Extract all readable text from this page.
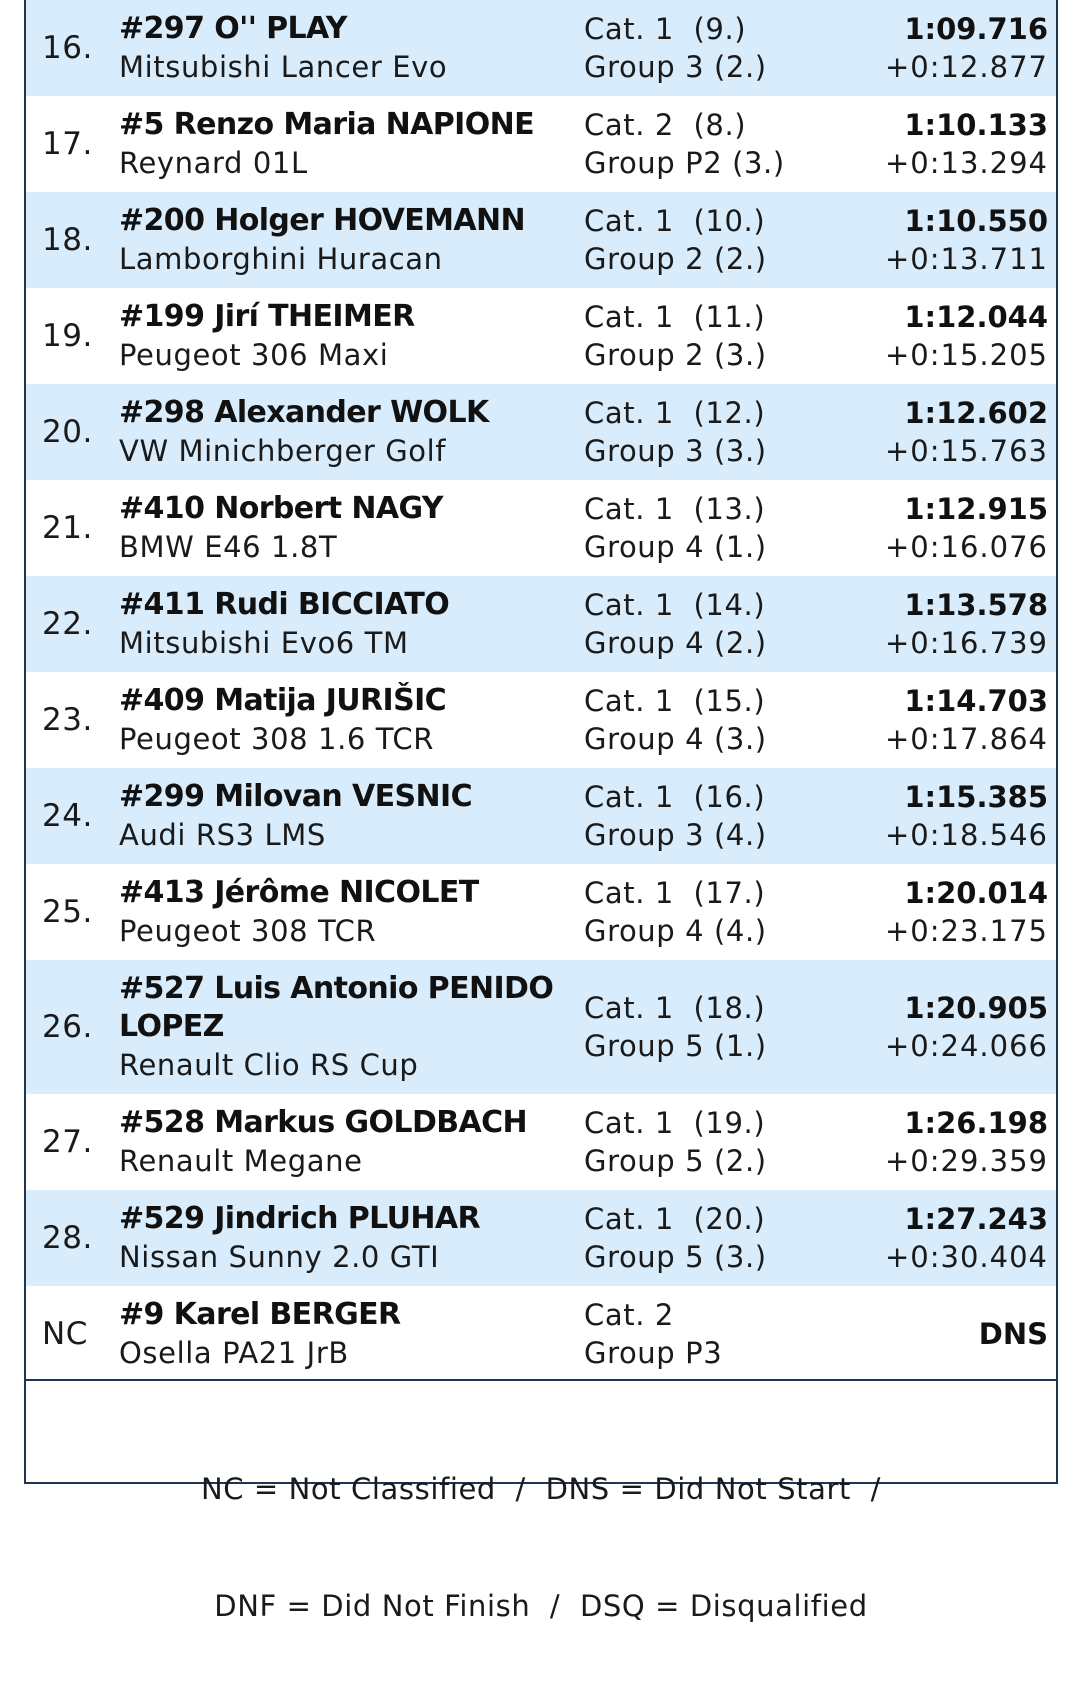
16.
#297 O'' PLAY
Mitsubishi Lancer Evo
Cat. 1  (9.)
Group 3 (2.)
1:09.716
+0:12.877
17.
#5 Renzo Maria NAPIONE
Reynard 01L
Cat. 2  (8.)
Group P2 (3.)
1:10.133
+0:13.294
18.
#200 Holger HOVEMANN
Lamborghini Huracan
Cat. 1  (10.)
Group 2 (2.)
1:10.550
+0:13.711
19.
#199 Jirí THEIMER
Peugeot 306 Maxi
Cat. 1  (11.)
Group 2 (3.)
1:12.044
+0:15.205
20.
#298 Alexander WOLK
VW Minichberger Golf
Cat. 1  (12.)
Group 3 (3.)
1:12.602
+0:15.763
21.
#410 Norbert NAGY
BMW E46 1.8T
Cat. 1  (13.)
Group 4 (1.)
1:12.915
+0:16.076
22.
#411 Rudi BICCIATO
Mitsubishi Evo6 TM
Cat. 1  (14.)
Group 4 (2.)
1:13.578
+0:16.739
23.
#409 Matija JURIŠIC
Peugeot 308 1.6 TCR
Cat. 1  (15.)
Group 4 (3.)
1:14.703
+0:17.864
24.
#299 Milovan VESNIC
Audi RS3 LMS
Cat. 1  (16.)
Group 3 (4.)
1:15.385
+0:18.546
25.
#413 Jérôme NICOLET
Peugeot 308 TCR
Cat. 1  (17.)
Group 4 (4.)
1:20.014
+0:23.175
26.
#527 Luis Antonio PENIDO LOPEZ
Renault Clio RS Cup
Cat. 1  (18.)
Group 5 (1.)
1:20.905
+0:24.066
27.
#528 Markus GOLDBACH
Renault Megane
Cat. 1  (19.)
Group 5 (2.)
1:26.198
+0:29.359
28.
#529 Jindrich PLUHAR
Nissan Sunny 2.0 GTI
Cat. 1  (20.)
Group 5 (3.)
1:27.243
+0:30.404
NC
#9 Karel BERGER
Osella PA21 JrB
Cat. 2
Group P3
DNS

NC = Not Classified  /  DNS = Did Not Start  /

DNF = Did Not Finish  /  DSQ = Disqualified
